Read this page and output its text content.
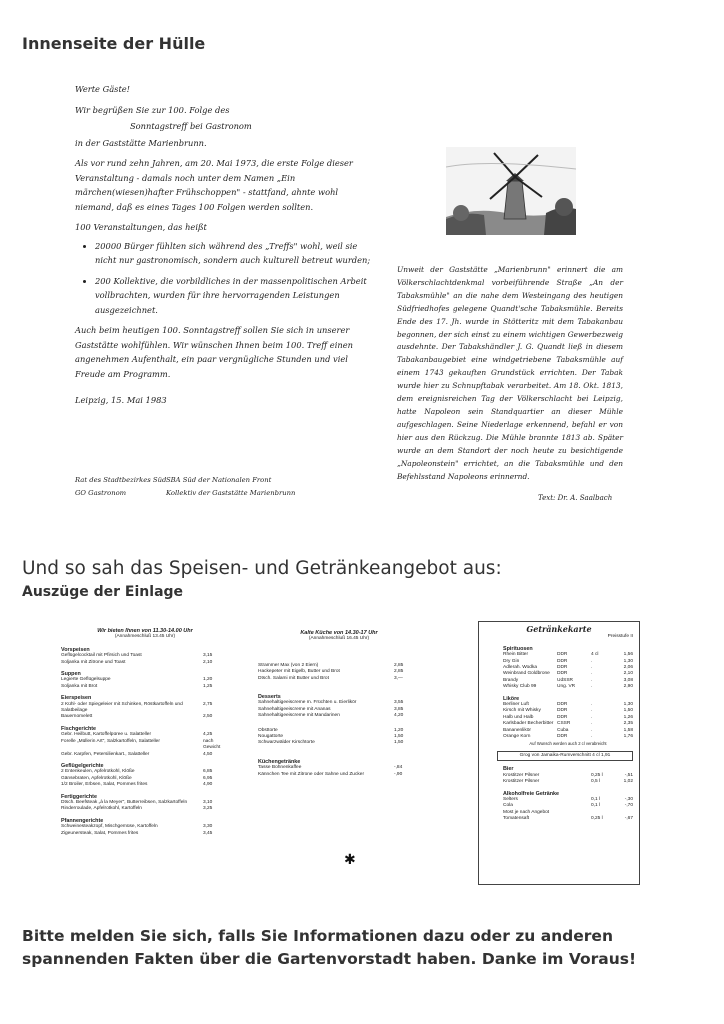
Innenseite der Hülle

Werte Gäste!

Wir begrüßen Sie zur 100. Folge des

Sonntagstreff bei Gastronom

in der Gaststätte Marienbrunn.

Als vor rund zehn Jahren, am 20. Mai 1973, die erste Folge dieser Veranstaltung - damals noch unter dem Namen „Ein märchen(wiesen)hafter Frühschoppen" - stattfand, ahnte wohl niemand, daß es eines Tages 100 Folgen werden sollten.

100 Veranstaltungen, das heißt

• 20000 Bürger fühlten sich während des „Treffs" wohl, weil sie nicht nur gastronomisch, sondern auch kulturell betreut wurden;
• 200 Kollektive, die vorbildliches in der massenpolitischen Arbeit vollbrachten, wurden für ihre hervorragenden Leistungen ausgezeichnet.

Auch beim heutigen 100. Sonntagstreff sollen Sie sich in unserer Gaststätte wohlfühlen. Wir wünschen Ihnen beim 100. Treff einen angenehmen Aufenthalt, ein paar vergnügliche Stunden und viel Freude am Programm.

Leipzig, 15. Mai 1983

Rat des Stadtbezirkes Süd
GO Gastronom
SBA Süd der Nationalen Front
Kollektiv der Gaststätte Marienbrunn
Unweit der Gaststätte „Marienbrunn" erinnert die am Völkerschlachtdenkmal vorbeiführende Straße „An der Tabaksmühle" an die nahe dem Westeingang des heutigen Südfriedhofes gelegene Quandt'sche Tabaksmühle. Bereits Ende des 17. Jh. wurde in Stötteritz mit dem Tabakanbau begonnen, der sich einst zu einem wichtigen Gewerbezweig ausdehnte. Der Tabakshändler J. G. Quandt ließ in diesem Tabakanbaugebiet eine windgetriebene Tabaksmühle auf einem 1743 gekauften Grundstück errichten. Der Tabak wurde hier zu Schnupftabak verarbeitet. Am 18. Okt. 1813, dem ereignisreichen Tag der Völkerschlacht bei Leipzig, hatte Napoleon sein Standquartier an dieser Mühle aufgeschlagen. Seine Niederlage erkennend, befahl er von hier aus den Rückzug. Die Mühle brannte 1813 ab. Später wurde an dem Standort der noch heute zu besichtigende „Napoleonstein" errichtet, an die Tabaksmühle und den Befehlsstand Napoleons erinnernd.
Text: Dr. A. Saalbach
Und so sah das Speisen- und Getränkeangebot aus:
Auszüge der Einlage
Wir bieten Ihnen von 11.30-14.00 Uhr
(Annahmeschluß 13.45 Uhr)
Vorspeisen
Geflügelcocktail mit Pfirsich und Toast	3,15
Soljanka mit Zitrone und Toast	2,10
Suppen
Legierte Geflügelsuppe	1,20
Soljanka mit Brot	1,25
Eierspeisen
2 Kühl- oder Spiegeleier mit Schinken, Röstkartoffeln und Salatbeilage
2,75
Bauernomelett	2,50
Fischgerichte
Gebr. Heilbutt, Kartoffelpüree u. Salatteller	4,25
Forelle „Müllerin Art", Salzkartoffeln, Salatteller	nach Gewicht
Gebr. Karpfen, Petersilienkart., Salatteller	4,50
Geflügelgerichte
2 Entenkeulen, Apfelrotkohl, Klöße	6,85
Gänsebraten, Apfelrotkohl, Klöße	6,95
1/2 Broiler, Erbsen, Salat, Pommes frites	4,90
Fertiggerichte
Dtsch. Beefsteak „à la Meyer", Butterreibsen, Salzkartoffeln	3,10
Rinderroulade, Apfelrotkohl, Kartoffeln	3,25
Pfannengerichte
Schweinesteakzopf, Mischgemüse, Kartoffeln	3,30
Zigeunersteak, Salat, Pommes frites	3,45
Kalte Küche von 14.30-17 Uhr
(Annahmeschluß 16.45 Uhr)
Strammer Max (von 2 Eiern)	2,85
Hackepeter mit Eigelb, Butter und Brot	2,85
Dtsch. Salami mit Butter und Brot	3,—
Desserts
Sahnehaltigeeiscreme m. Früchten u. Eierlikör	3,55
Sahnehaltigeeiscreme mit Ananas	3,85
Sahnehaltigeeiscreme mit Mandarinen	4,20
Obsttorte	1,20
Nougattorte	1,50
Schwarzwälder Kirschtorte	1,50
Küchengetränke
Tasse Bohnenkaffee	-,84
Kännchen Tee mit Zitrone oder Sahne und Zucker	-,90
✱
Getränkekarte
Preisstufe II
Spirituosen
Rhein Bitter	DDR	4 cl	1,56
Dry Gin	DDR	.	1,30
Adlerah. Wodka	DDR	.	2,06
Weinbrand Goldbrone	DDR	.	2,10
Brandy	UdSSR	.	3,08
Whisky Club 99	Ung. VR	.	2,90
Liköre
Berliner Luft	DDR	.	1,30
Kirsch mit Whisky	DDR	.	1,50
Halb und Halb	DDR	.	1,26
Karlsbader Becherbitter CSSR	.	2,35
Bananenlikör	Cuba	.	1,58
Orange Korn	DDR	.	1,76
Auf Wunsch werden auch 2 cl verabreicht
Grog von Jamaika-Rumverschnitt 4 cl 1,91
Bier
Krostitzer Pilsner	0,25 l	-,51
Krostitzer Pilsner	0,5 l	1,02
Alkoholfreie Getränke
Selters	0,1 l	-,30
Cola	0,1 l	-,70
Most je nach Angebot
Tomatensaft	0,25 l	-,67
Bitte melden Sie sich, falls Sie Informationen dazu oder zu anderen spannenden Fakten über die Gartenvorstadt haben. Danke im Voraus!
